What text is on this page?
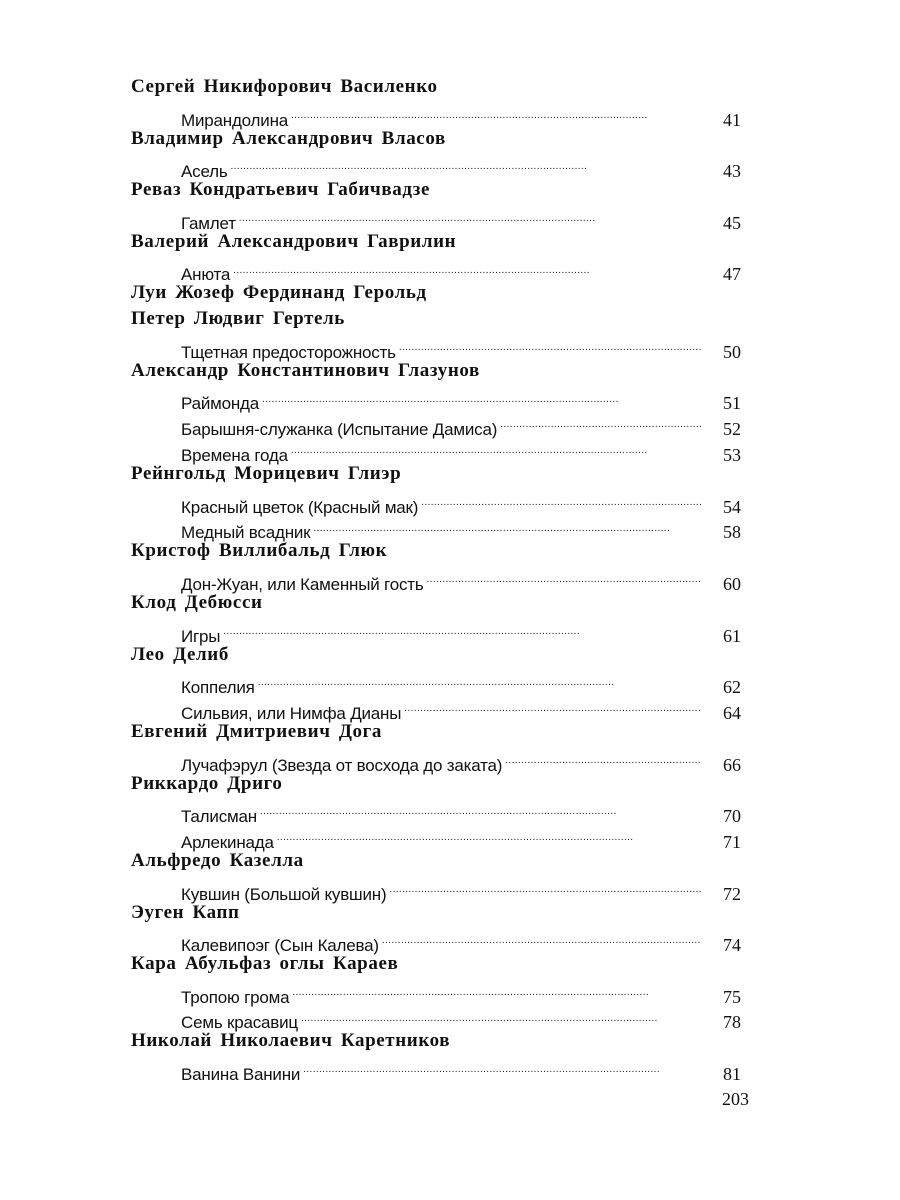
Сергей Никифорович Василенко
Мирандолина . . .	41
Владимир Александрович Власов
Асель . . .	43
Реваз Кондратьевич Габичвадзе
Гамлет . . .	45
Валерий Александрович Гаврилин
Анюта . . .	47
Луи Жозеф Фердинанд Герольд
Петер Людвиг Гертель
Тщетная предосторожность . . .	50
Александр Константинович Глазунов
Раймонда . . .	51
Барышня-служанка (Испытание Дамиса) . . .	52
Времена года . . .	53
Рейнгольд Морицевич Глиэр
Красный цветок (Красный мак) . . .	54
Медный всадник . . .	58
Кристоф Виллибальд Глюк
Дон-Жуан, или Каменный гость . . .	60
Клод Дебюсси
Игры . . .	61
Лео Делиб
Коппелия . . .	62
Сильвия, или Нимфа Дианы . . .	64
Евгений Дмитриевич Дога
Лучафэрул (Звезда от восхода до заката) . . .	66
Риккардо Дриго
Талисман . . .	70
Арлекинада . . .	71
Альфредо Казелла
Кувшин (Большой кувшин) . . .	72
Эуген Капп
Калевипоэг (Сын Калева) . . .	74
Кара Абульфаз оглы Караев
Тропою грома . . .	75
Семь красавиц . . .	78
Николай Николаевич Каретников
Ванина Ванини . . .	81
203
